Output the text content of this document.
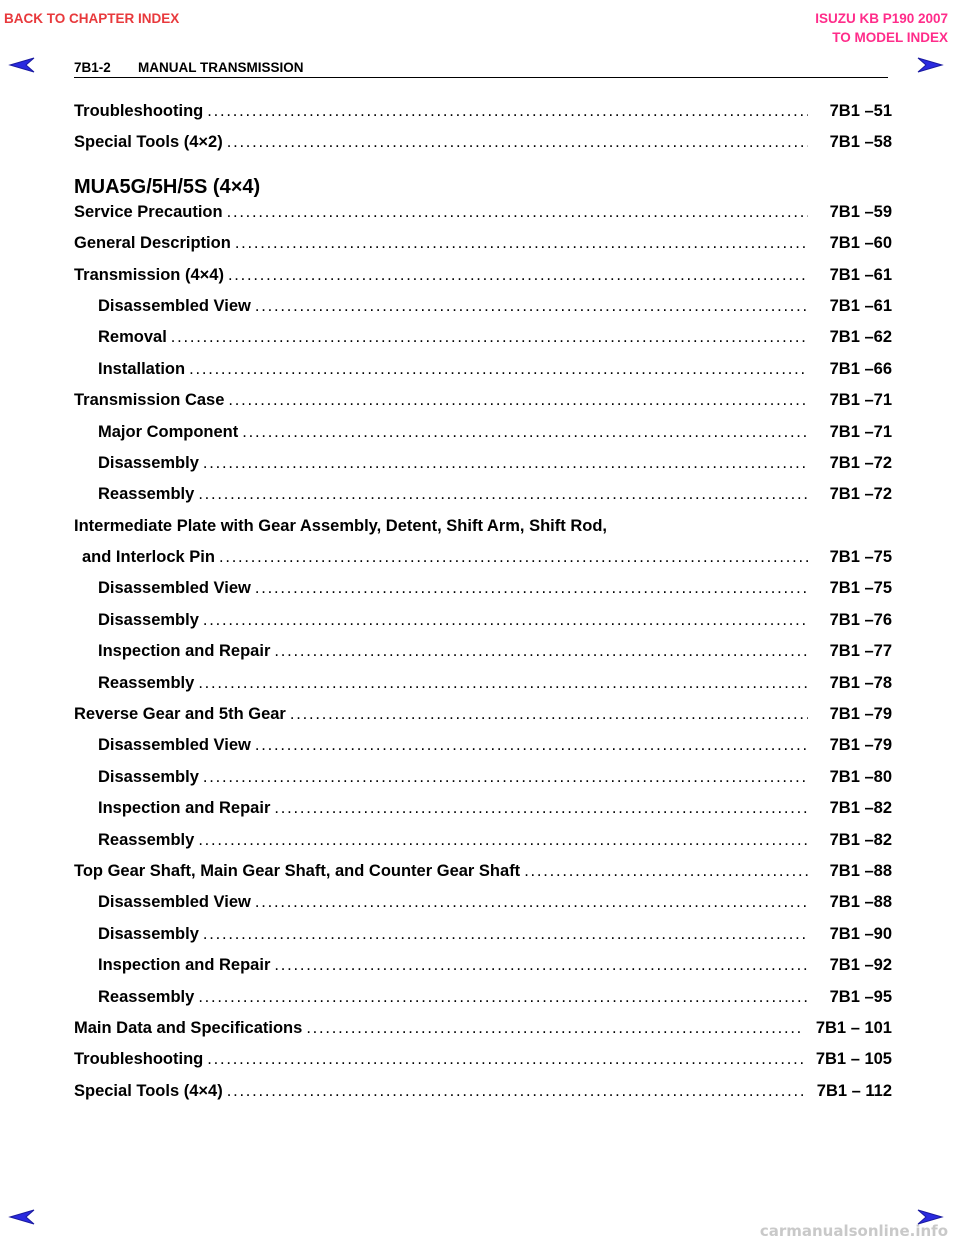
BACK TO CHAPTER INDEX	ISUZU KB P190 2007
TO MODEL INDEX
7B1-2 MANUAL TRANSMISSION
Troubleshooting . . .	7B1 –51
Special Tools (4×2) . . .	7B1 –58
MUA5G/5H/5S (4×4)
Service Precaution . . .	7B1 –59
General Description . . .	7B1 –60
Transmission (4×4) . . .	7B1 –61
Disassembled View . . .	7B1 –61
Removal . . .	7B1 –62
Installation . . .	7B1 –66
Transmission Case . . .	7B1 –71
Major Component . . .	7B1 –71
Disassembly . . .	7B1 –72
Reassembly . . .	7B1 –72
Intermediate Plate with Gear Assembly, Detent, Shift Arm, Shift Rod,
and Interlock Pin . . .	7B1 –75
Disassembled View . . .	7B1 –75
Disassembly . . .	7B1 –76
Inspection and Repair . . .	7B1 –77
Reassembly . . .	7B1 –78
Reverse Gear and 5th Gear . . .	7B1 –79
Disassembled View . . .	7B1 –79
Disassembly . . .	7B1 –80
Inspection and Repair . . .	7B1 –82
Reassembly . . .	7B1 –82
Top Gear Shaft, Main Gear Shaft, and Counter Gear Shaft . . .	7B1 –88
Disassembled View . . .	7B1 –88
Disassembly . . .	7B1 –90
Inspection and Repair . . .	7B1 –92
Reassembly . . .	7B1 –95
Main Data and Specifications . . .	7B1 – 101
Troubleshooting . . .	7B1 – 105
Special Tools (4×4) . . .	7B1 – 112
carmanualsonline.info
